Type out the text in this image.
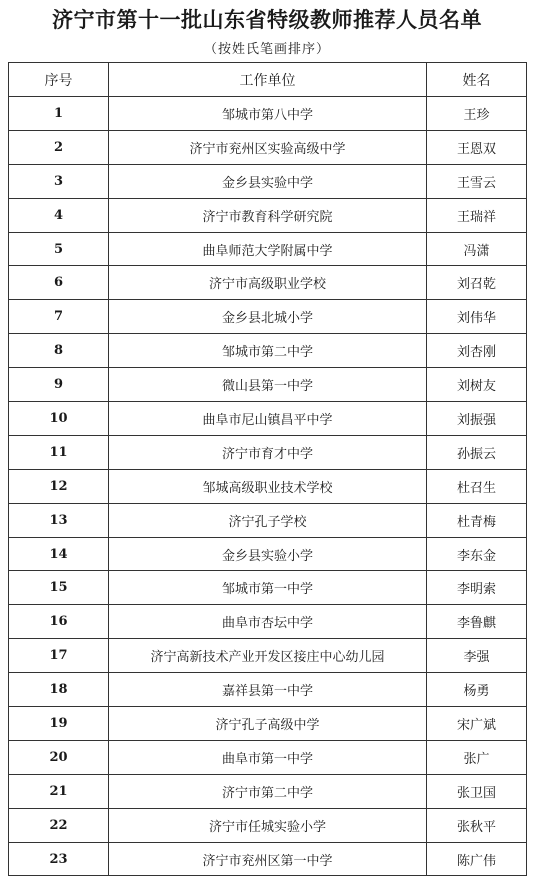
济宁市第十一批山东省特级教师推荐人员名单
（按姓氏笔画排序）
序号	工作单位	姓名
1	邹城市第八中学	王珍
2	济宁市兖州区实验高级中学	王恩双
3	金乡县实验中学	王雪云
4	济宁市教育科学研究院	王瑞祥
5	曲阜师范大学附属中学	冯潇
6	济宁市高级职业学校	刘召乾
7	金乡县北城小学	刘伟华
8	邹城市第二中学	刘杏刚
9	微山县第一中学	刘树友
10	曲阜市尼山镇昌平中学	刘振强
11	济宁市育才中学	孙振云
12	邹城高级职业技术学校	杜召生
13	济宁孔子学校	杜青梅
14	金乡县实验小学	李东金
15	邹城市第一中学	李明索
16	曲阜市杏坛中学	李鲁麒
17	济宁高新技术产业开发区接庄中心幼儿园	李强
18	嘉祥县第一中学	杨勇
19	济宁孔子高级中学	宋广斌
20	曲阜市第一中学	张广
21	济宁市第二中学	张卫国
22	济宁市任城实验小学	张秋平
23	济宁市兖州区第一中学	陈广伟
